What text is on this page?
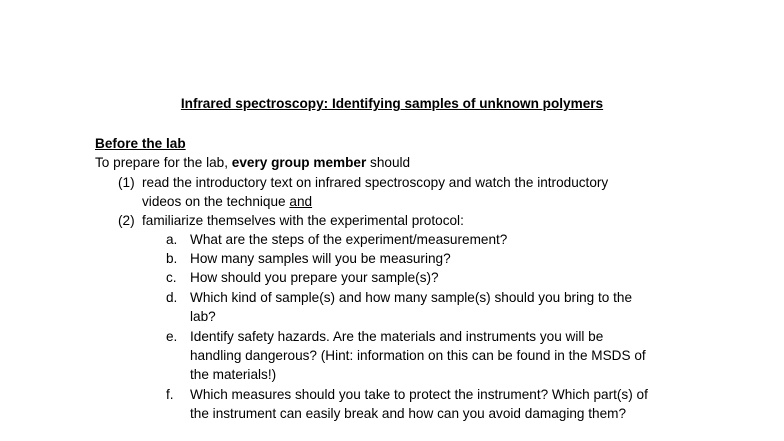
Infrared spectroscopy: Identifying samples of unknown polymers
Before the lab
To prepare for the lab, every group member should
(1) read the introductory text on infrared spectroscopy and watch the introductory
videos on the technique and
(2) familiarize themselves with the experimental protocol:
a. What are the steps of the experiment/measurement?
b. How many samples will you be measuring?
c. How should you prepare your sample(s)?
d. Which kind of sample(s) and how many sample(s) should you bring to the
lab?
e. Identify safety hazards. Are the materials and instruments you will be
handling dangerous? (Hint: information on this can be found in the MSDS of
the materials!)
f. Which measures should you take to protect the instrument? Which part(s) of
the instrument can easily break and how can you avoid damaging them?
